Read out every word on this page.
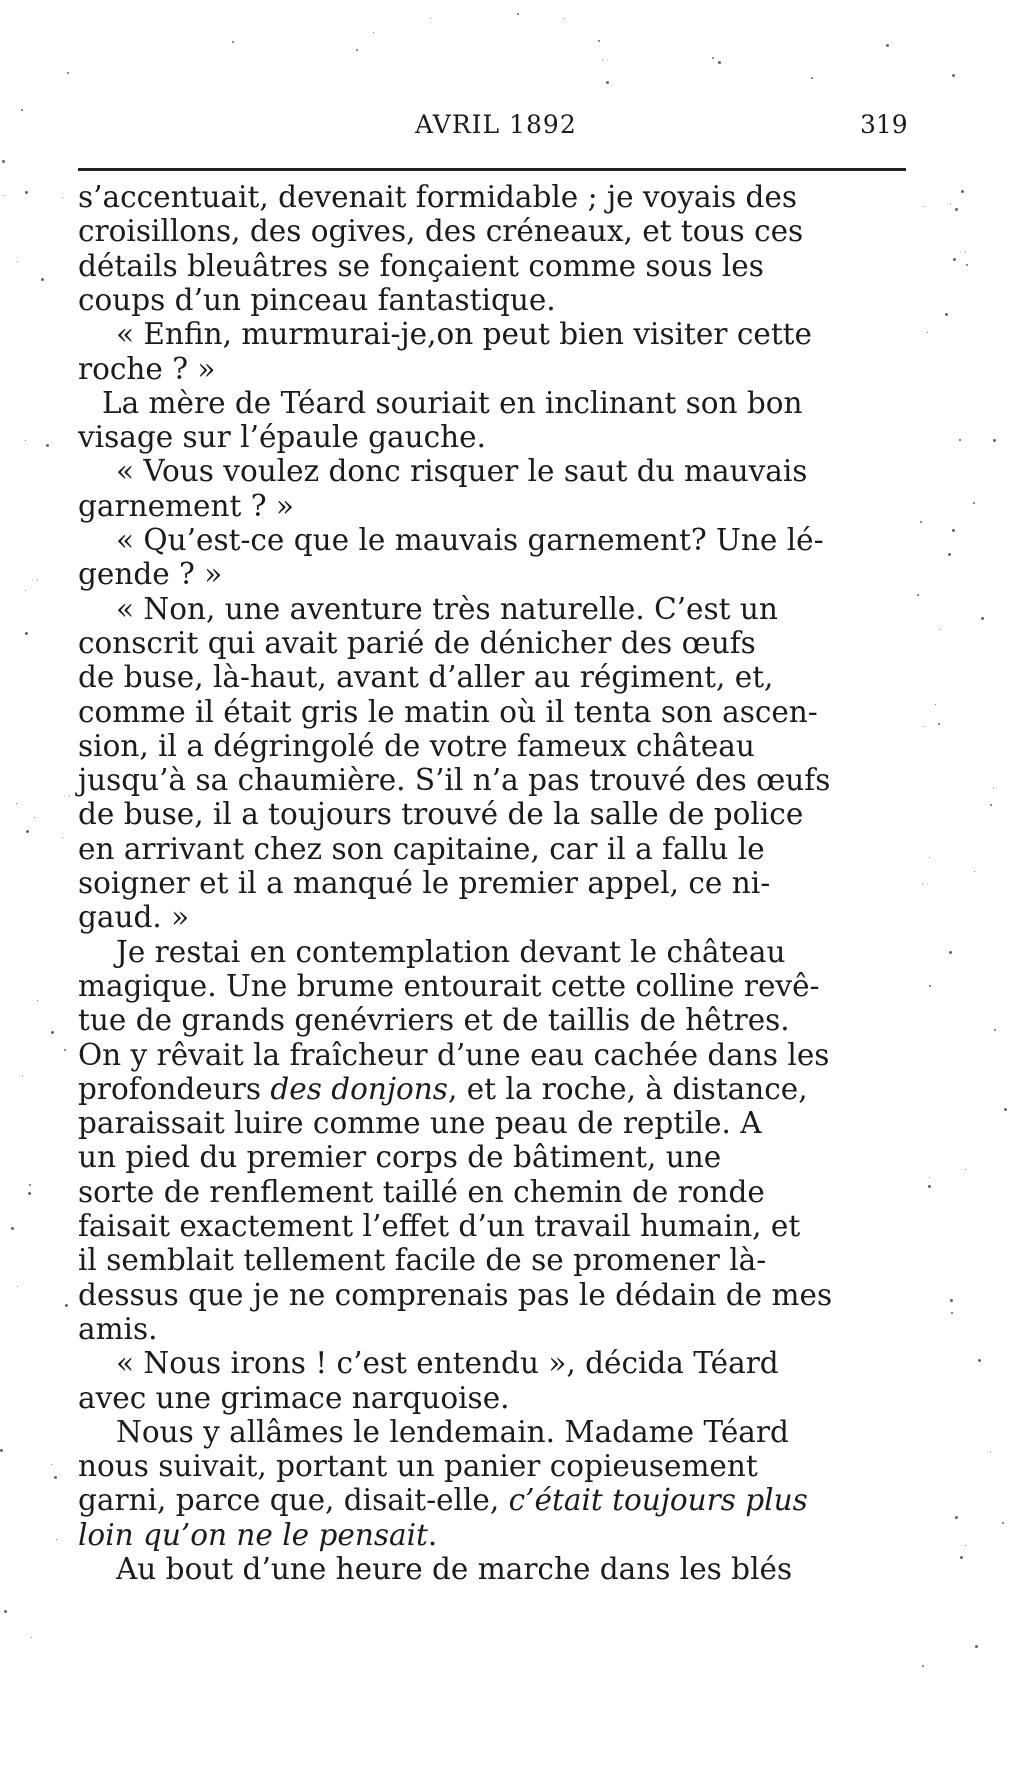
AVRIL 1892	319
s’accentuait, devenait formidable ; je voyais des
croisillons, des ogives, des créneaux, et tous ces
détails bleuâtres se fonçaient comme sous les
coups d’un pinceau fantastique.
« Enfin, murmurai-je,on peut bien visiter cette
roche ? »
La mère de Téard souriait en inclinant son bon
visage sur l’épaule gauche.
« Vous voulez donc risquer le saut du mauvais
garnement ? »
« Qu’est-ce que le mauvais garnement? Une lé-
gende ? »
« Non, une aventure très naturelle. C’est un
conscrit qui avait parié de dénicher des œufs
de buse, là-haut, avant d’aller au régiment, et,
comme il était gris le matin où il tenta son ascen-
sion, il a dégringolé de votre fameux château
jusqu’à sa chaumière. S’il n’a pas trouvé des œufs
de buse, il a toujours trouvé de la salle de police
en arrivant chez son capitaine, car il a fallu le
soigner et il a manqué le premier appel, ce ni-
gaud. »
Je restai en contemplation devant le château
magique. Une brume entourait cette colline revê-
tue de grands genévriers et de taillis de hêtres.
On y rêvait la fraîcheur d’une eau cachée dans les
profondeurs des donjons, et la roche, à distance,
paraissait luire comme une peau de reptile. A
un pied du premier corps de bâtiment, une
sorte de renflement taillé en chemin de ronde
faisait exactement l’effet d’un travail humain, et
il semblait tellement facile de se promener là-
dessus que je ne comprenais pas le dédain de mes
amis.
« Nous irons ! c’est entendu », décida Téard
avec une grimace narquoise.
Nous y allâmes le lendemain. Madame Téard
nous suivait, portant un panier copieusement
garni, parce que, disait-elle, c’était toujours plus
loin qu’on ne le pensait.
Au bout d’une heure de marche dans les blés
